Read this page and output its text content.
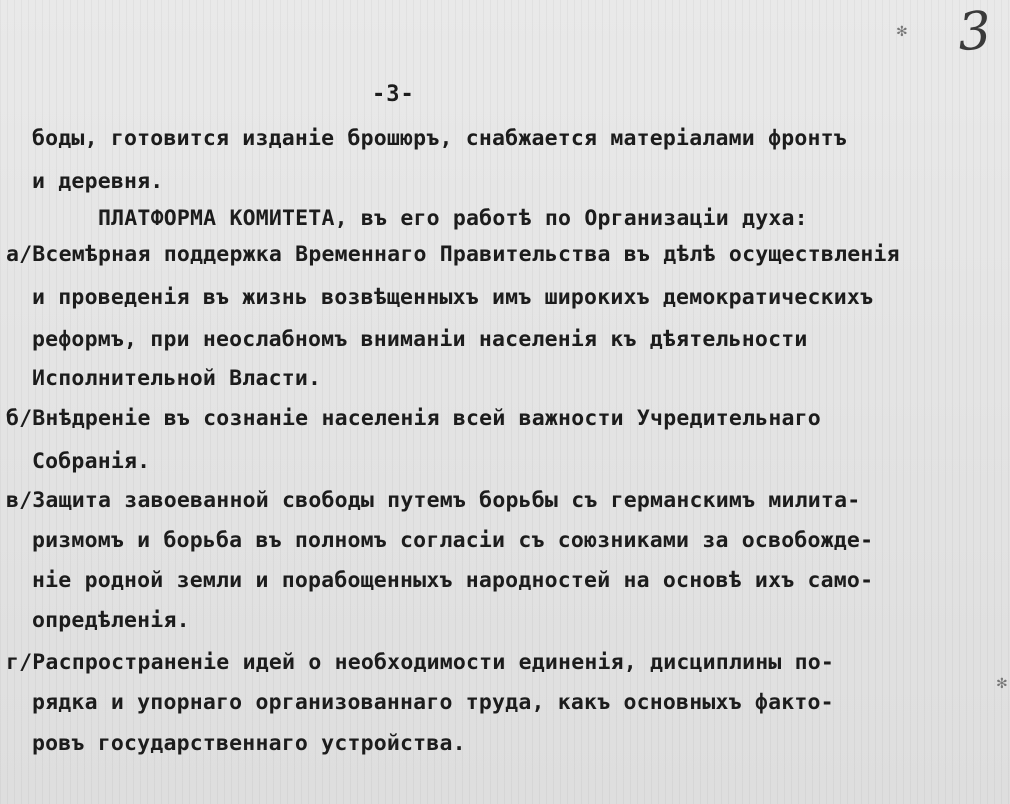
3
✻
✻
-3-
боды, готовится изданіе брошюръ, снабжается матеріалами фронтъ
и деревня.
ПЛАТФОРМА КОМИТЕТА, въ его работѣ по Организаціи духа:
а/Всемѣрная поддержка Временнаго Правительства въ дѣлѣ осуществленія
и проведенія въ жизнь возвѣщенныхъ имъ широкихъ демократическихъ
реформъ, при неослабномъ вниманіи населенія къ дѣятельности
Исполнительной Власти.
б/Внѣдреніе въ сознаніе населенія всей важности Учредительнаго
Собранія.
в/Защита завоеванной свободы путемъ борьбы съ германскимъ милита-
ризмомъ и борьба въ полномъ согласіи съ союзниками за освобожде-
ніе родной земли и порабощенныхъ народностей на основѣ ихъ само-
опредѣленія.
г/Распространеніе идей о необходимости единенія, дисциплины по-
рядка и упорнаго организованнаго труда, какъ основныхъ факто-
ровъ государственнаго устройства.
